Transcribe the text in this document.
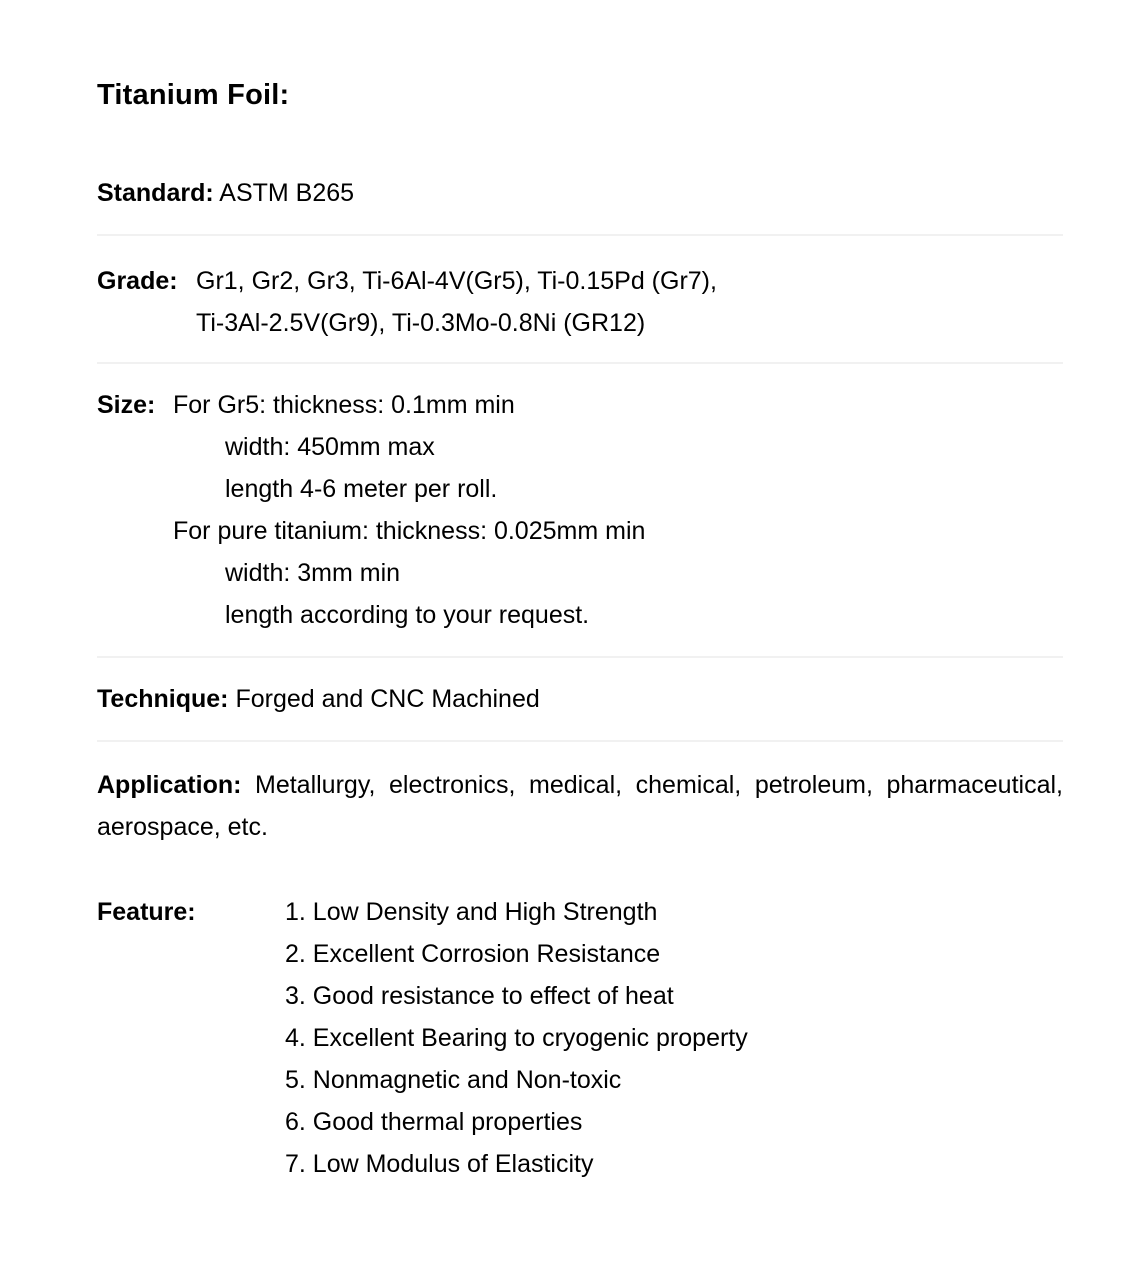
Titanium Foil:
Standard: ASTM B265
Grade: Gr1, Gr2, Gr3, Ti-6Al-4V(Gr5), Ti-0.15Pd (Gr7),
Ti-3Al-2.5V(Gr9), Ti-0.3Mo-0.8Ni (GR12)
Size: For Gr5: thickness: 0.1mm min
width: 450mm max
length 4-6 meter per roll.
For pure titanium: thickness: 0.025mm min
width: 3mm min
length according to your request.
Technique: Forged and CNC Machined
Application: Metallurgy, electronics, medical, chemical, petroleum, pharmaceutical,
aerospace, etc.
Feature:	1. Low Density and High Strength
2. Excellent Corrosion Resistance
3. Good resistance to effect of heat
4. Excellent Bearing to cryogenic property
5. Nonmagnetic and Non-toxic
6. Good thermal properties
7. Low Modulus of Elasticity
